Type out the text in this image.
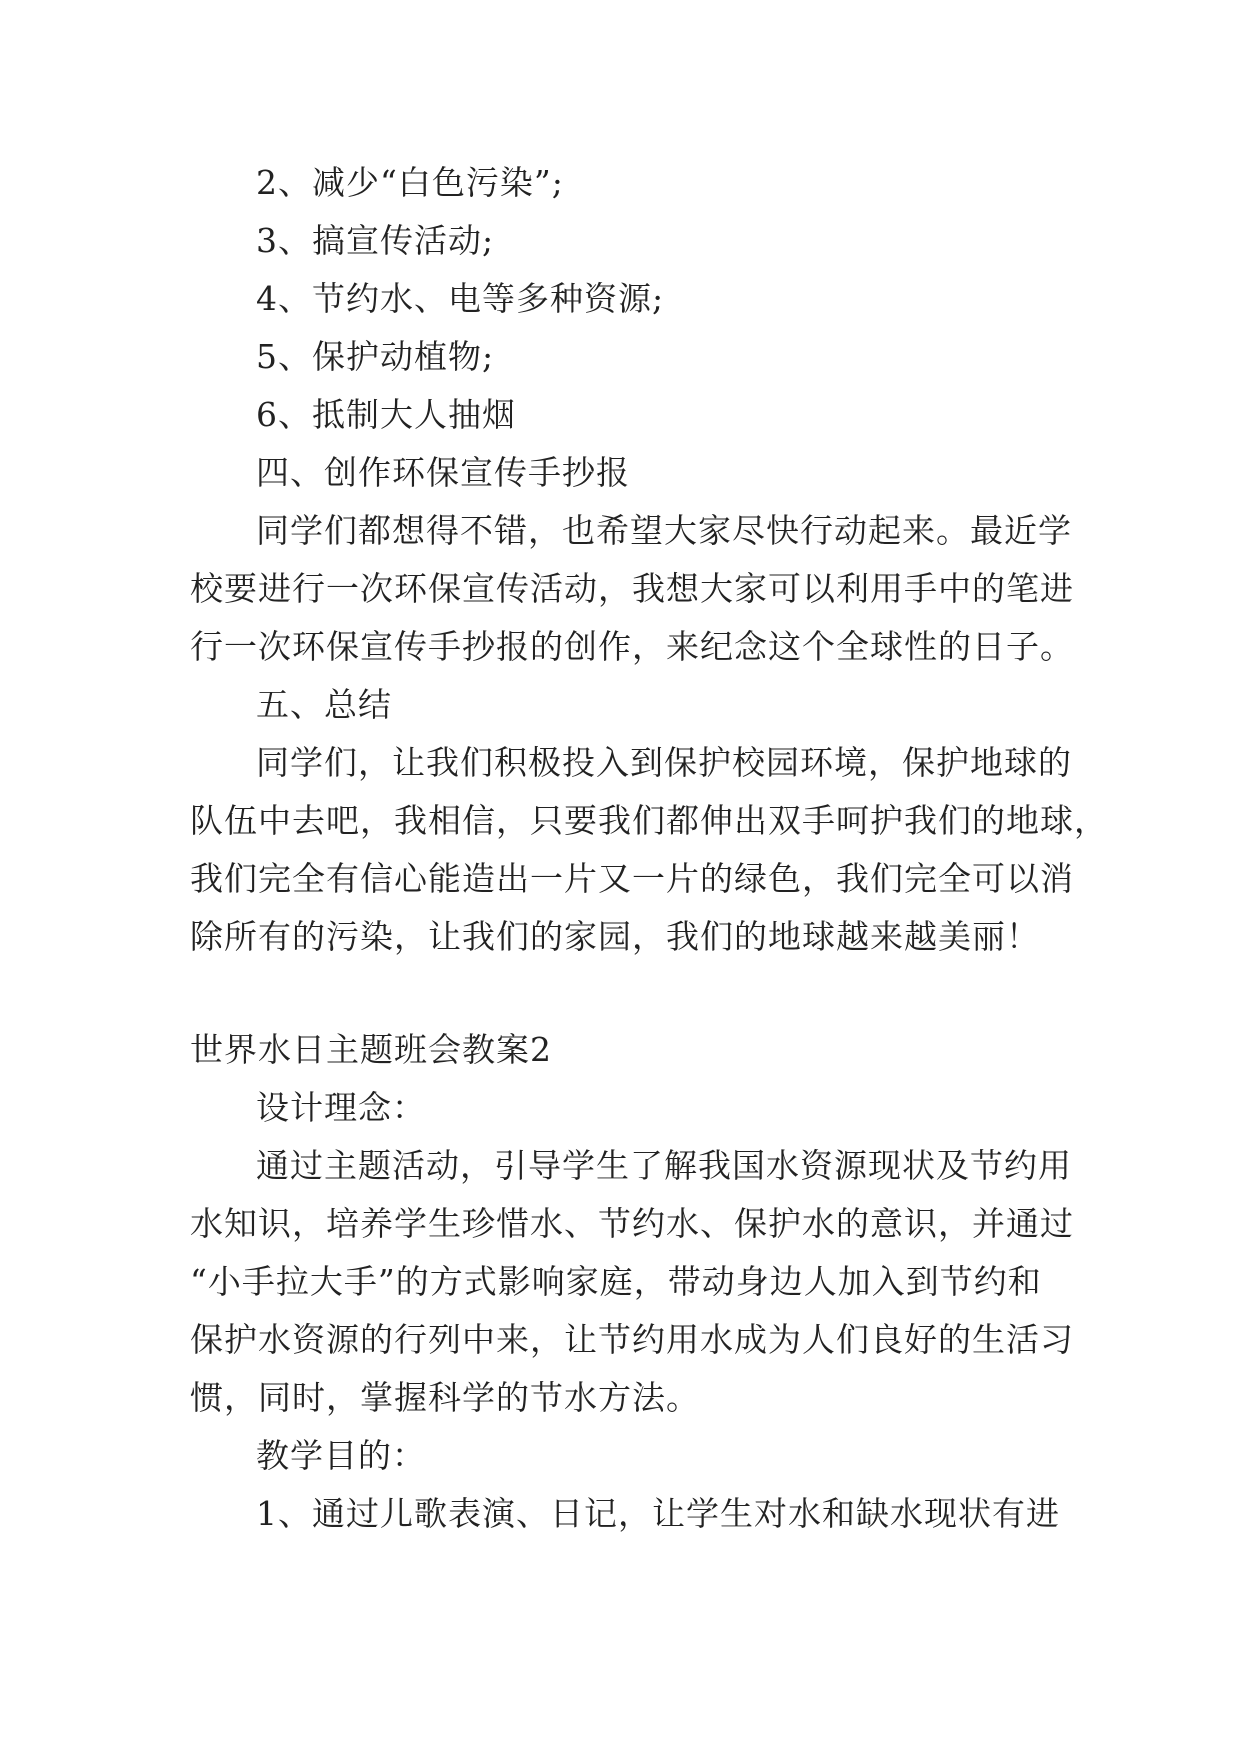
2、减少“白色污染”;
3、搞宣传活动;
4、节约水、电等多种资源;
5、保护动植物;
6、抵制大人抽烟
四、创作环保宣传手抄报
同学们都想得不错，也希望大家尽快行动起来。最近学
校要进行一次环保宣传活动，我想大家可以利用手中的笔进
行一次环保宣传手抄报的创作，来纪念这个全球性的日子。
五、总结
同学们，让我们积极投入到保护校园环境，保护地球的
队伍中去吧，我相信，只要我们都伸出双手呵护我们的地球，
我们完全有信心能造出一片又一片的绿色，我们完全可以消
除所有的污染，让我们的家园，我们的地球越来越美丽！
世界水日主题班会教案2
设计理念：
通过主题活动，引导学生了解我国水资源现状及节约用
水知识，培养学生珍惜水、节约水、保护水的意识，并通过
“小手拉大手”的方式影响家庭，带动身边人加入到节约和
保护水资源的行列中来，让节约用水成为人们良好的生活习
惯，同时，掌握科学的节水方法。
教学目的：
1、通过儿歌表演、日记，让学生对水和缺水现状有进
